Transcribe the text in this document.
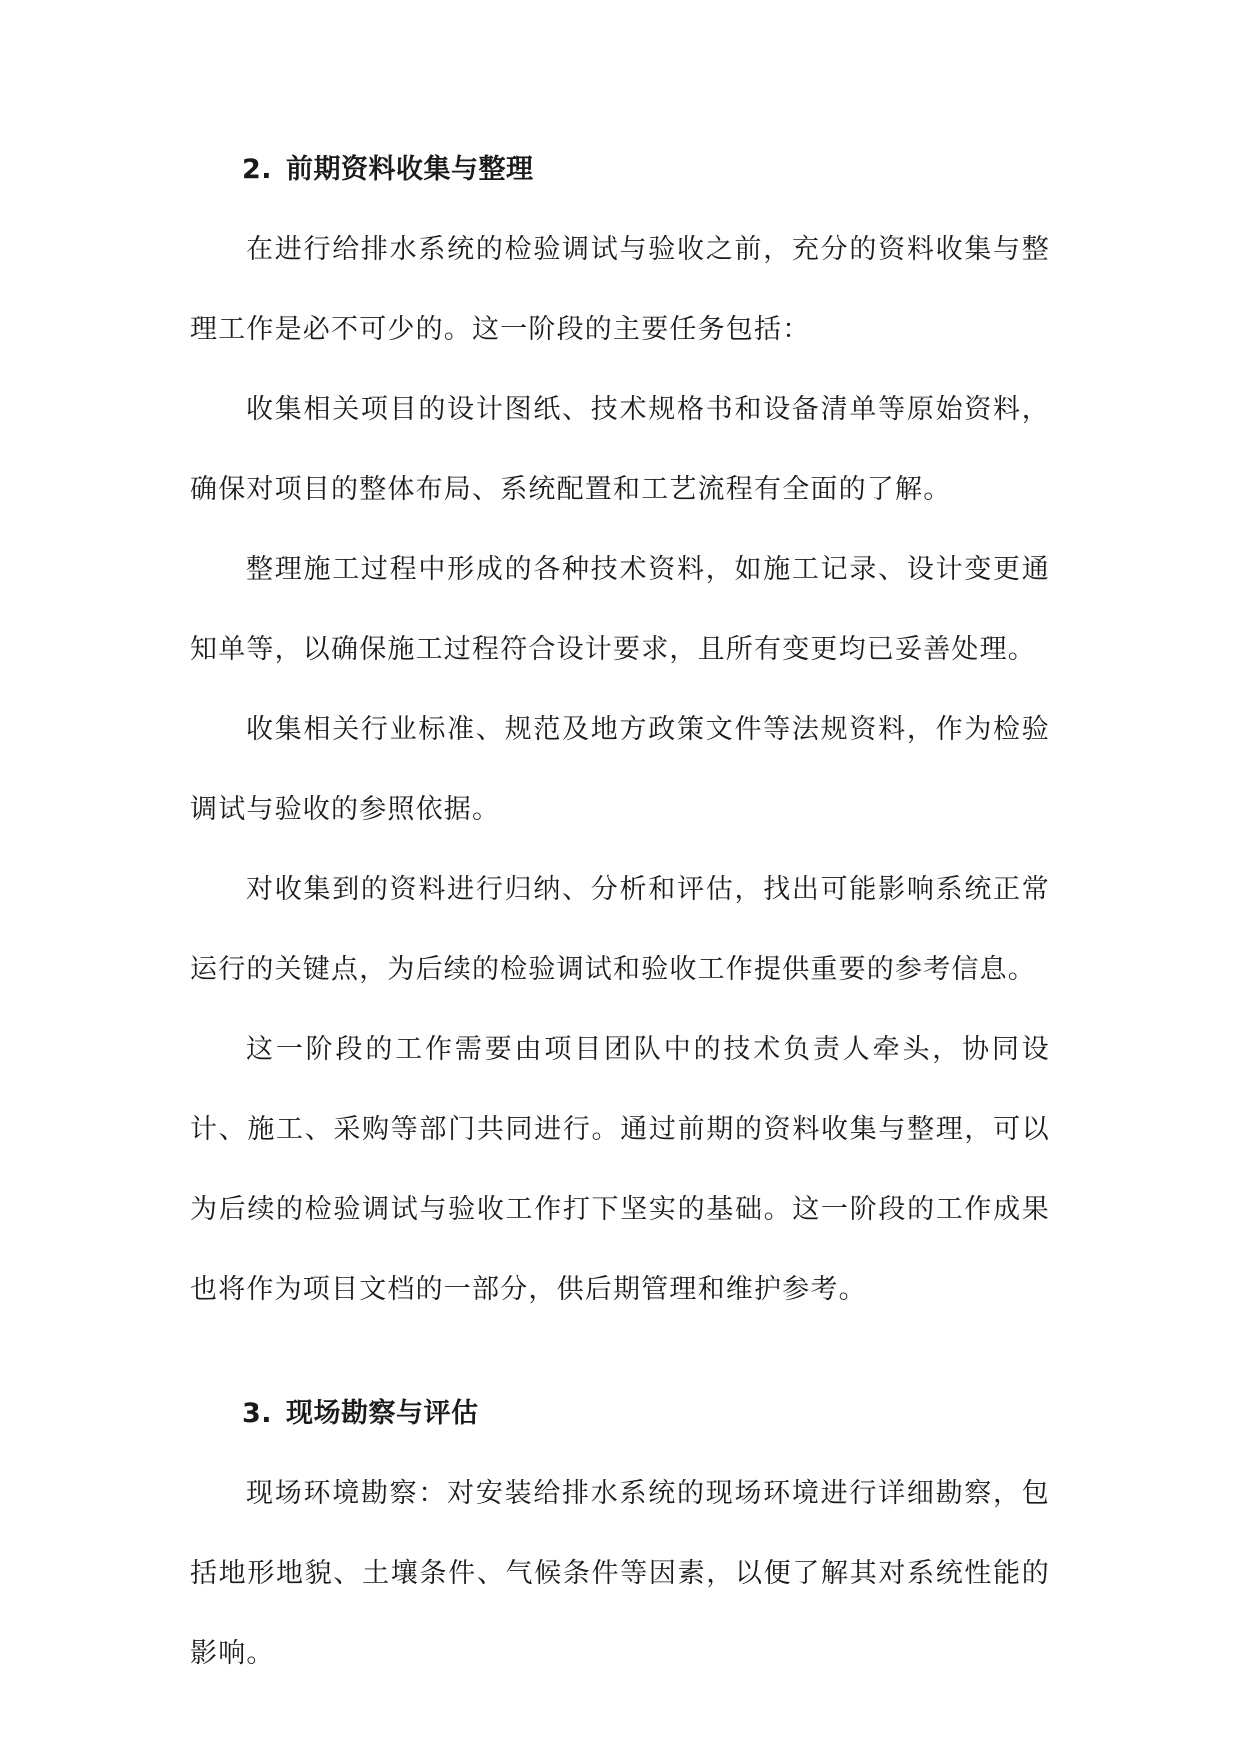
2. 前期资料收集与整理

在进行给排水系统的检验调试与验收之前，充分的资料收集与整理工作是必不可少的。这一阶段的主要任务包括：

收集相关项目的设计图纸、技术规格书和设备清单等原始资料，确保对项目的整体布局、系统配置和工艺流程有全面的了解。

整理施工过程中形成的各种技术资料，如施工记录、设计变更通知单等，以确保施工过程符合设计要求，且所有变更均已妥善处理。

收集相关行业标准、规范及地方政策文件等法规资料，作为检验调试与验收的参照依据。

对收集到的资料进行归纳、分析和评估，找出可能影响系统正常运行的关键点，为后续的检验调试和验收工作提供重要的参考信息。

这一阶段的工作需要由项目团队中的技术负责人牵头，协同设计、施工、采购等部门共同进行。通过前期的资料收集与整理，可以为后续的检验调试与验收工作打下坚实的基础。这一阶段的工作成果也将作为项目文档的一部分，供后期管理和维护参考。

3. 现场勘察与评估

现场环境勘察：对安装给排水系统的现场环境进行详细勘察，包括地形地貌、土壤条件、气候条件等因素，以便了解其对系统性能的影响。
